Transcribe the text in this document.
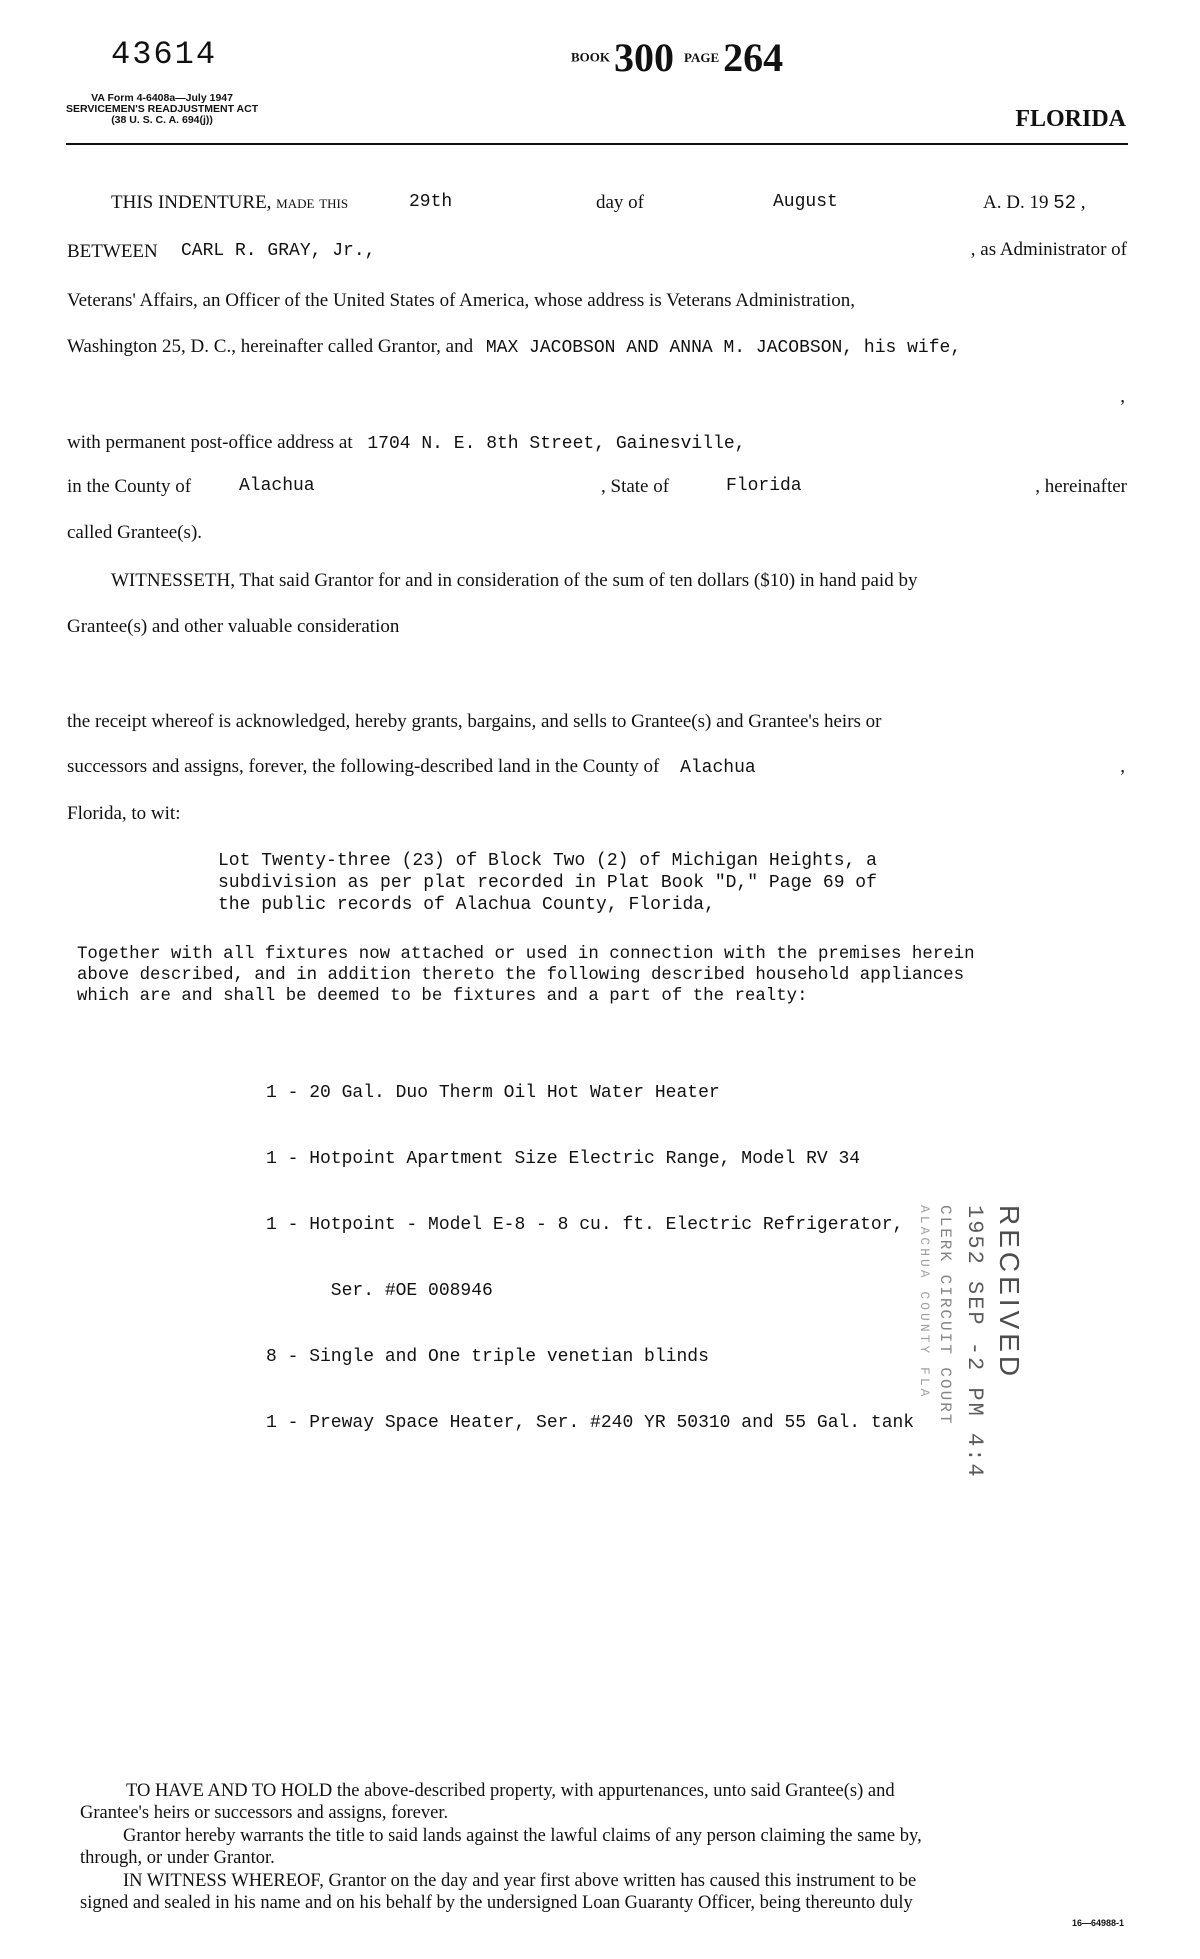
43614	BOOK 300 PAGE 264
VA Form 4-6408a—July 1947
SERVICEMEN'S READJUSTMENT ACT
(38 U. S. C. A. 694(j))	FLORIDA
THIS INDENTURE, made this	29th	day of	August	A. D. 19 52 ,
BETWEEN CARL R. GRAY, Jr.,	, as Administrator of
Veterans' Affairs, an Officer of the United States of America, whose address is Veterans Administration,
Washington 25, D. C., hereinafter called Grantor, and MAX JACOBSON AND ANNA M. JACOBSON, his wife,
,
with permanent post-office address at 1704 N. E. 8th Street, Gainesville,
in the County of	Alachua	, State of	Florida	, hereinafter
called Grantee(s).
WITNESSETH, That said Grantor for and in consideration of the sum of ten dollars ($10) in hand paid by
Grantee(s) and other valuable consideration
the receipt whereof is acknowledged, hereby grants, bargains, and sells to Grantee(s) and Grantee's heirs or
successors and assigns, forever, the following-described land in the County of Alachua	,
Florida, to wit:
Lot Twenty-three (23) of Block Two (2) of Michigan Heights, a
subdivision as per plat recorded in Plat Book "D," Page 69 of
the public records of Alachua County, Florida,
Together with all fixtures now attached or used in connection with the premises herein
above described, and in addition thereto the following described household appliances
which are and shall be deemed to be fixtures and a part of the realty:

1 - 20 Gal. Duo Therm Oil Hot Water Heater

1 - Hotpoint Apartment Size Electric Range, Model RV 34

1 - Hotpoint - Model E-8 - 8 cu. ft. Electric Refrigerator,

Ser. #OE 008946

8 - Single and One triple venetian blinds

1 - Preway Space Heater, Ser. #240 YR 50310 and 55 Gal. tank

RECEIVED
1952 SEP -2 PM 4:4
CLERK CIRCUIT COURT
ALACHUA COUNTY FLA
TO HAVE AND TO HOLD the above-described property, with appurtenances, unto said Grantee(s) and
Grantee's heirs or successors and assigns, forever.
Grantor hereby warrants the title to said lands against the lawful claims of any person claiming the same by,
through, or under Grantor.
IN WITNESS WHEREOF, Grantor on the day and year first above written has caused this instrument to be
signed and sealed in his name and on his behalf by the undersigned Loan Guaranty Officer, being thereunto duly
16—64988-1
